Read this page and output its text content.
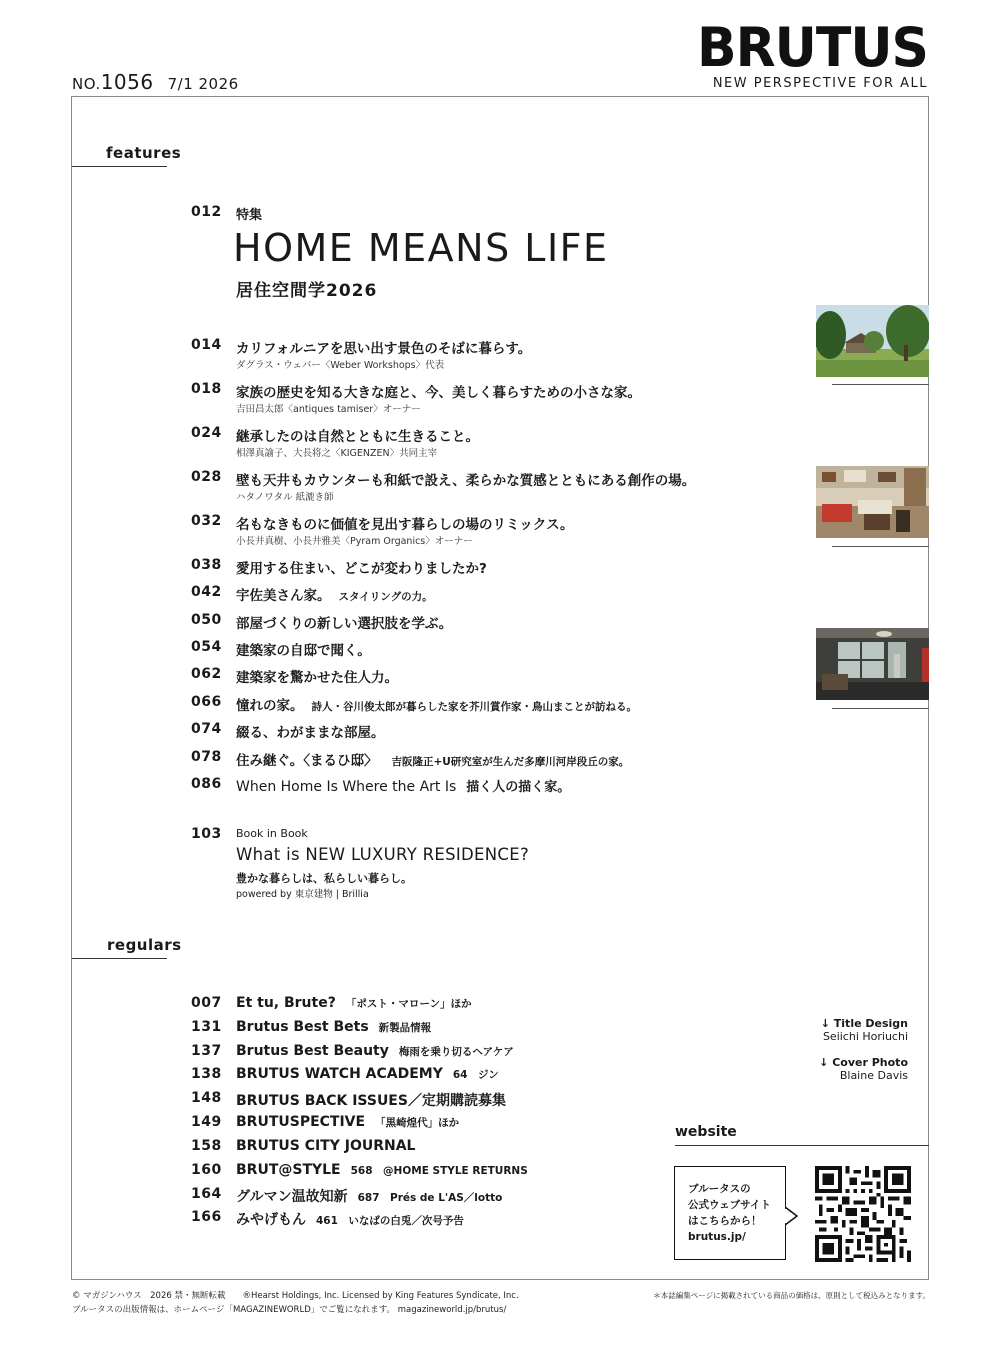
NO.1056 7/1 2026
BRUTUS
NEW PERSPECTIVE FOR ALL
features
012 特集
HOME MEANS LIFE
居住空間学2026
014 カリフォルニアを思い出す景色のそばに暮らす。
ダグラス・ウェバー〈Weber Workshops〉代表
018 家族の歴史を知る大きな庭と、今、美しく暮らすための小さな家。
吉田昌太郎〈antiques tamiser〉オーナー
024 継承したのは自然とともに生きること。
相澤真諭子、大長将之〈KIGENZEN〉共同主宰
028 壁も天井もカウンターも和紙で設え、柔らかな質感とともにある創作の場。
ハタノワタル 紙漉き師
032 名もなきものに価値を見出す暮らしの場のリミックス。
小長井真樹、小長井雅美〈Pyram Organics〉オーナー
038 愛用する住まい、どこが変わりましたか?
042 宇佐美さん家。 スタイリングの力。
050 部屋づくりの新しい選択肢を学ぶ。
054 建築家の自邸で聞く。
062 建築家を驚かせた住人力。
066 憧れの家。 詩人・谷川俊太郎が暮らした家を芥川賞作家・鳥山まことが訪ねる。
074 綴る、わがままな部屋。
078 住み継ぐ。〈まるひ邸〉 吉阪隆正+U研究室が生んだ多摩川河岸段丘の家。
086 When Home Is Where the Art Is 描く人の描く家。
103 Book in Book
What is NEW LUXURY RESIDENCE?
豊かな暮らしは、私らしい暮らし。
powered by 東京建物 | Brillia
regulars
007 Et tu, Brute? 「ポスト・マローン」ほか
131 Brutus Best Bets 新製品情報
137 Brutus Best Beauty 梅雨を乗り切るヘアケア
138 BRUTUS WATCH ACADEMY 64　ジン
148 BRUTUS BACK ISSUES／定期購読募集
149 BRUTUSPECTIVE 「黒崎煌代」ほか
158 BRUTUS CITY JOURNAL
160 BRUT@STYLE 568　@HOME STYLE RETURNS
164 グルマン温故知新 687　Prés de L'AS／lotto
166 みやげもん 461　いなばの白兎／次号予告
↓ Title Design
Seiichi Horiuchi
↓ Cover Photo
Blaine Davis
website
ブルータスの
公式ウェブサイト
はこちらから！
brutus.jp/
© マガジンハウス　2026 禁・無断転載　　®Hearst Holdings, Inc. Licensed by King Features Syndicate, Inc.
ブルータスの出版情報は、ホームページ「MAGAZINEWORLD」でご覧になれます。 magazineworld.jp/brutus/
＊本誌編集ページに掲載されている商品の価格は、原則として税込みとなります。
